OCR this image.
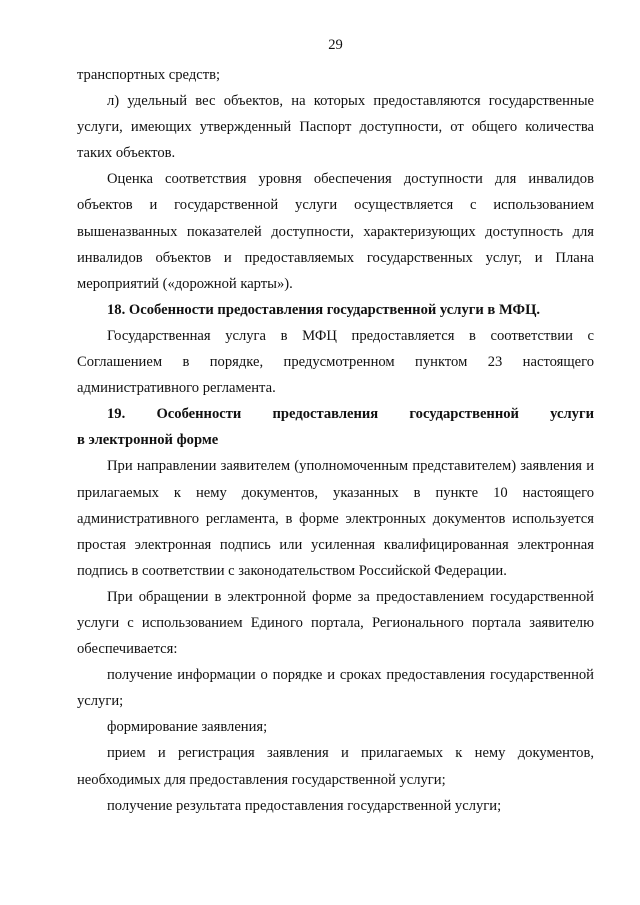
29

транспортных средств;

л) удельный вес объектов, на которых предоставляются государственные услуги, имеющих утвержденный Паспорт доступности, от общего количества таких объектов.

Оценка соответствия уровня обеспечения доступности для инвалидов объектов и государственной услуги осуществляется с использованием вышеназванных показателей доступности, характеризующих доступность для инвалидов объектов и предоставляемых государственных услуг, и Плана мероприятий («дорожной карты»).

18. Особенности предоставления государственной услуги в МФЦ.

Государственная услуга в МФЦ предоставляется в соответствии с Соглашением в порядке, предусмотренном пунктом 23 настоящего административного регламента.

19. Особенности предоставления государственной услуги
в электронной форме

При направлении заявителем (уполномоченным представителем) заявления и прилагаемых к нему документов, указанных в пункте 10 настоящего административного регламента, в форме электронных документов используется простая электронная подпись или усиленная квалифицированная электронная подпись в соответствии с законодательством Российской Федерации.

При обращении в электронной форме за предоставлением государственной услуги с использованием Единого портала, Регионального портала заявителю обеспечивается:

получение информации о порядке и сроках предоставления государственной услуги;

формирование заявления;

прием и регистрация заявления и прилагаемых к нему документов, необходимых для предоставления государственной услуги;

получение результата предоставления государственной услуги;
